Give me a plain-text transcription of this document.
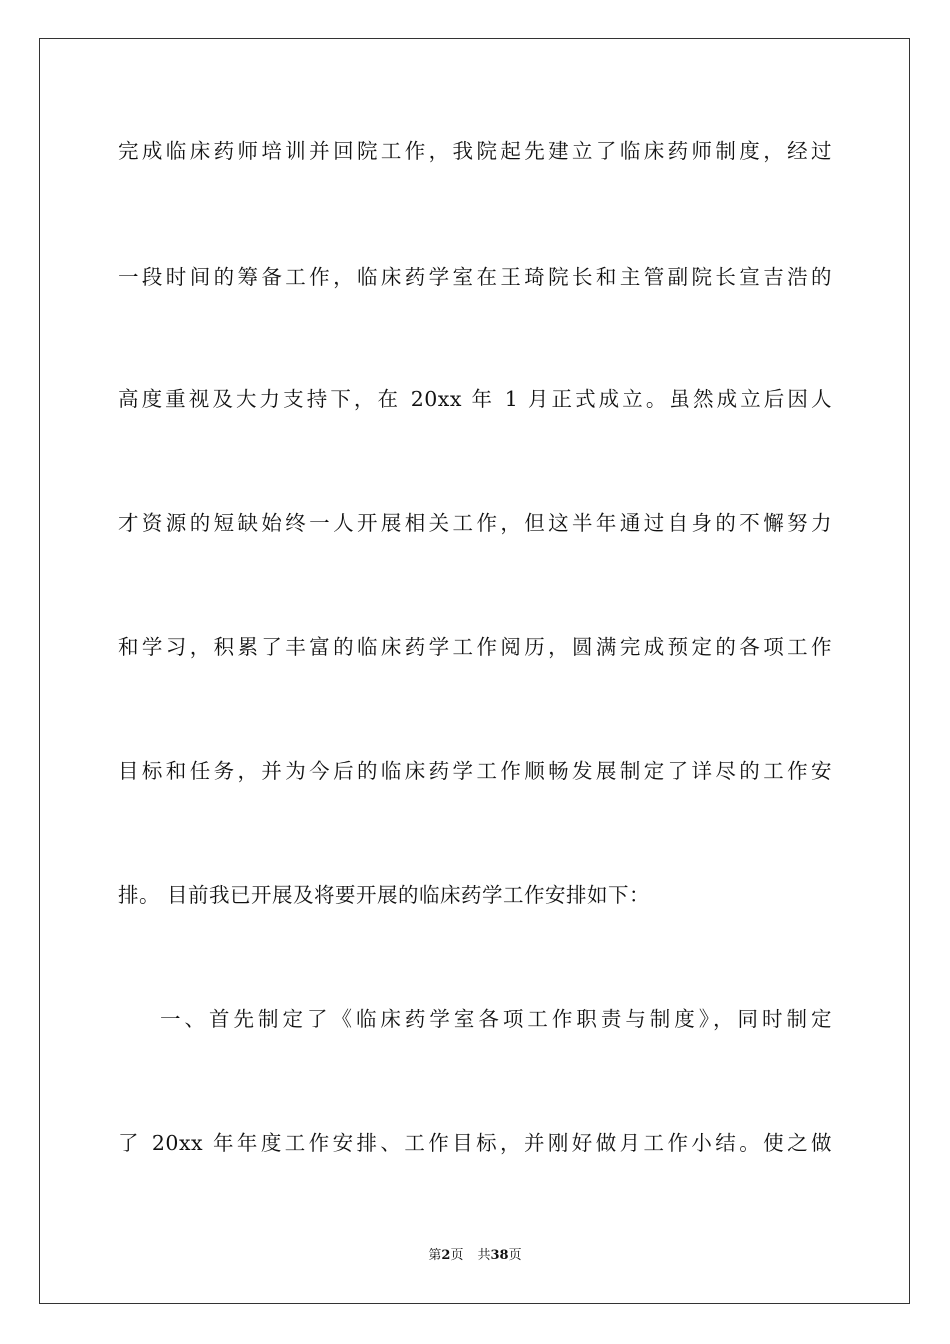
完成临床药师培训并回院工作，我院起先建立了临床药师制度，经过
一段时间的筹备工作，临床药学室在王琦院长和主管副院长宣吉浩的
高度重视及大力支持下，在 20xx 年 1 月正式成立。虽然成立后因人
才资源的短缺始终一人开展相关工作，但这半年通过自身的不懈努力
和学习，积累了丰富的临床药学工作阅历，圆满完成预定的各项工作
目标和任务，并为今后的临床药学工作顺畅发展制定了详尽的工作安
排。 目前我已开展及将要开展的临床药学工作安排如下：
一、首先制定了《临床药学室各项工作职责与制度》，同时制定
了 20xx 年年度工作安排、工作目标，并刚好做月工作小结。使之做
第2页 共38页
